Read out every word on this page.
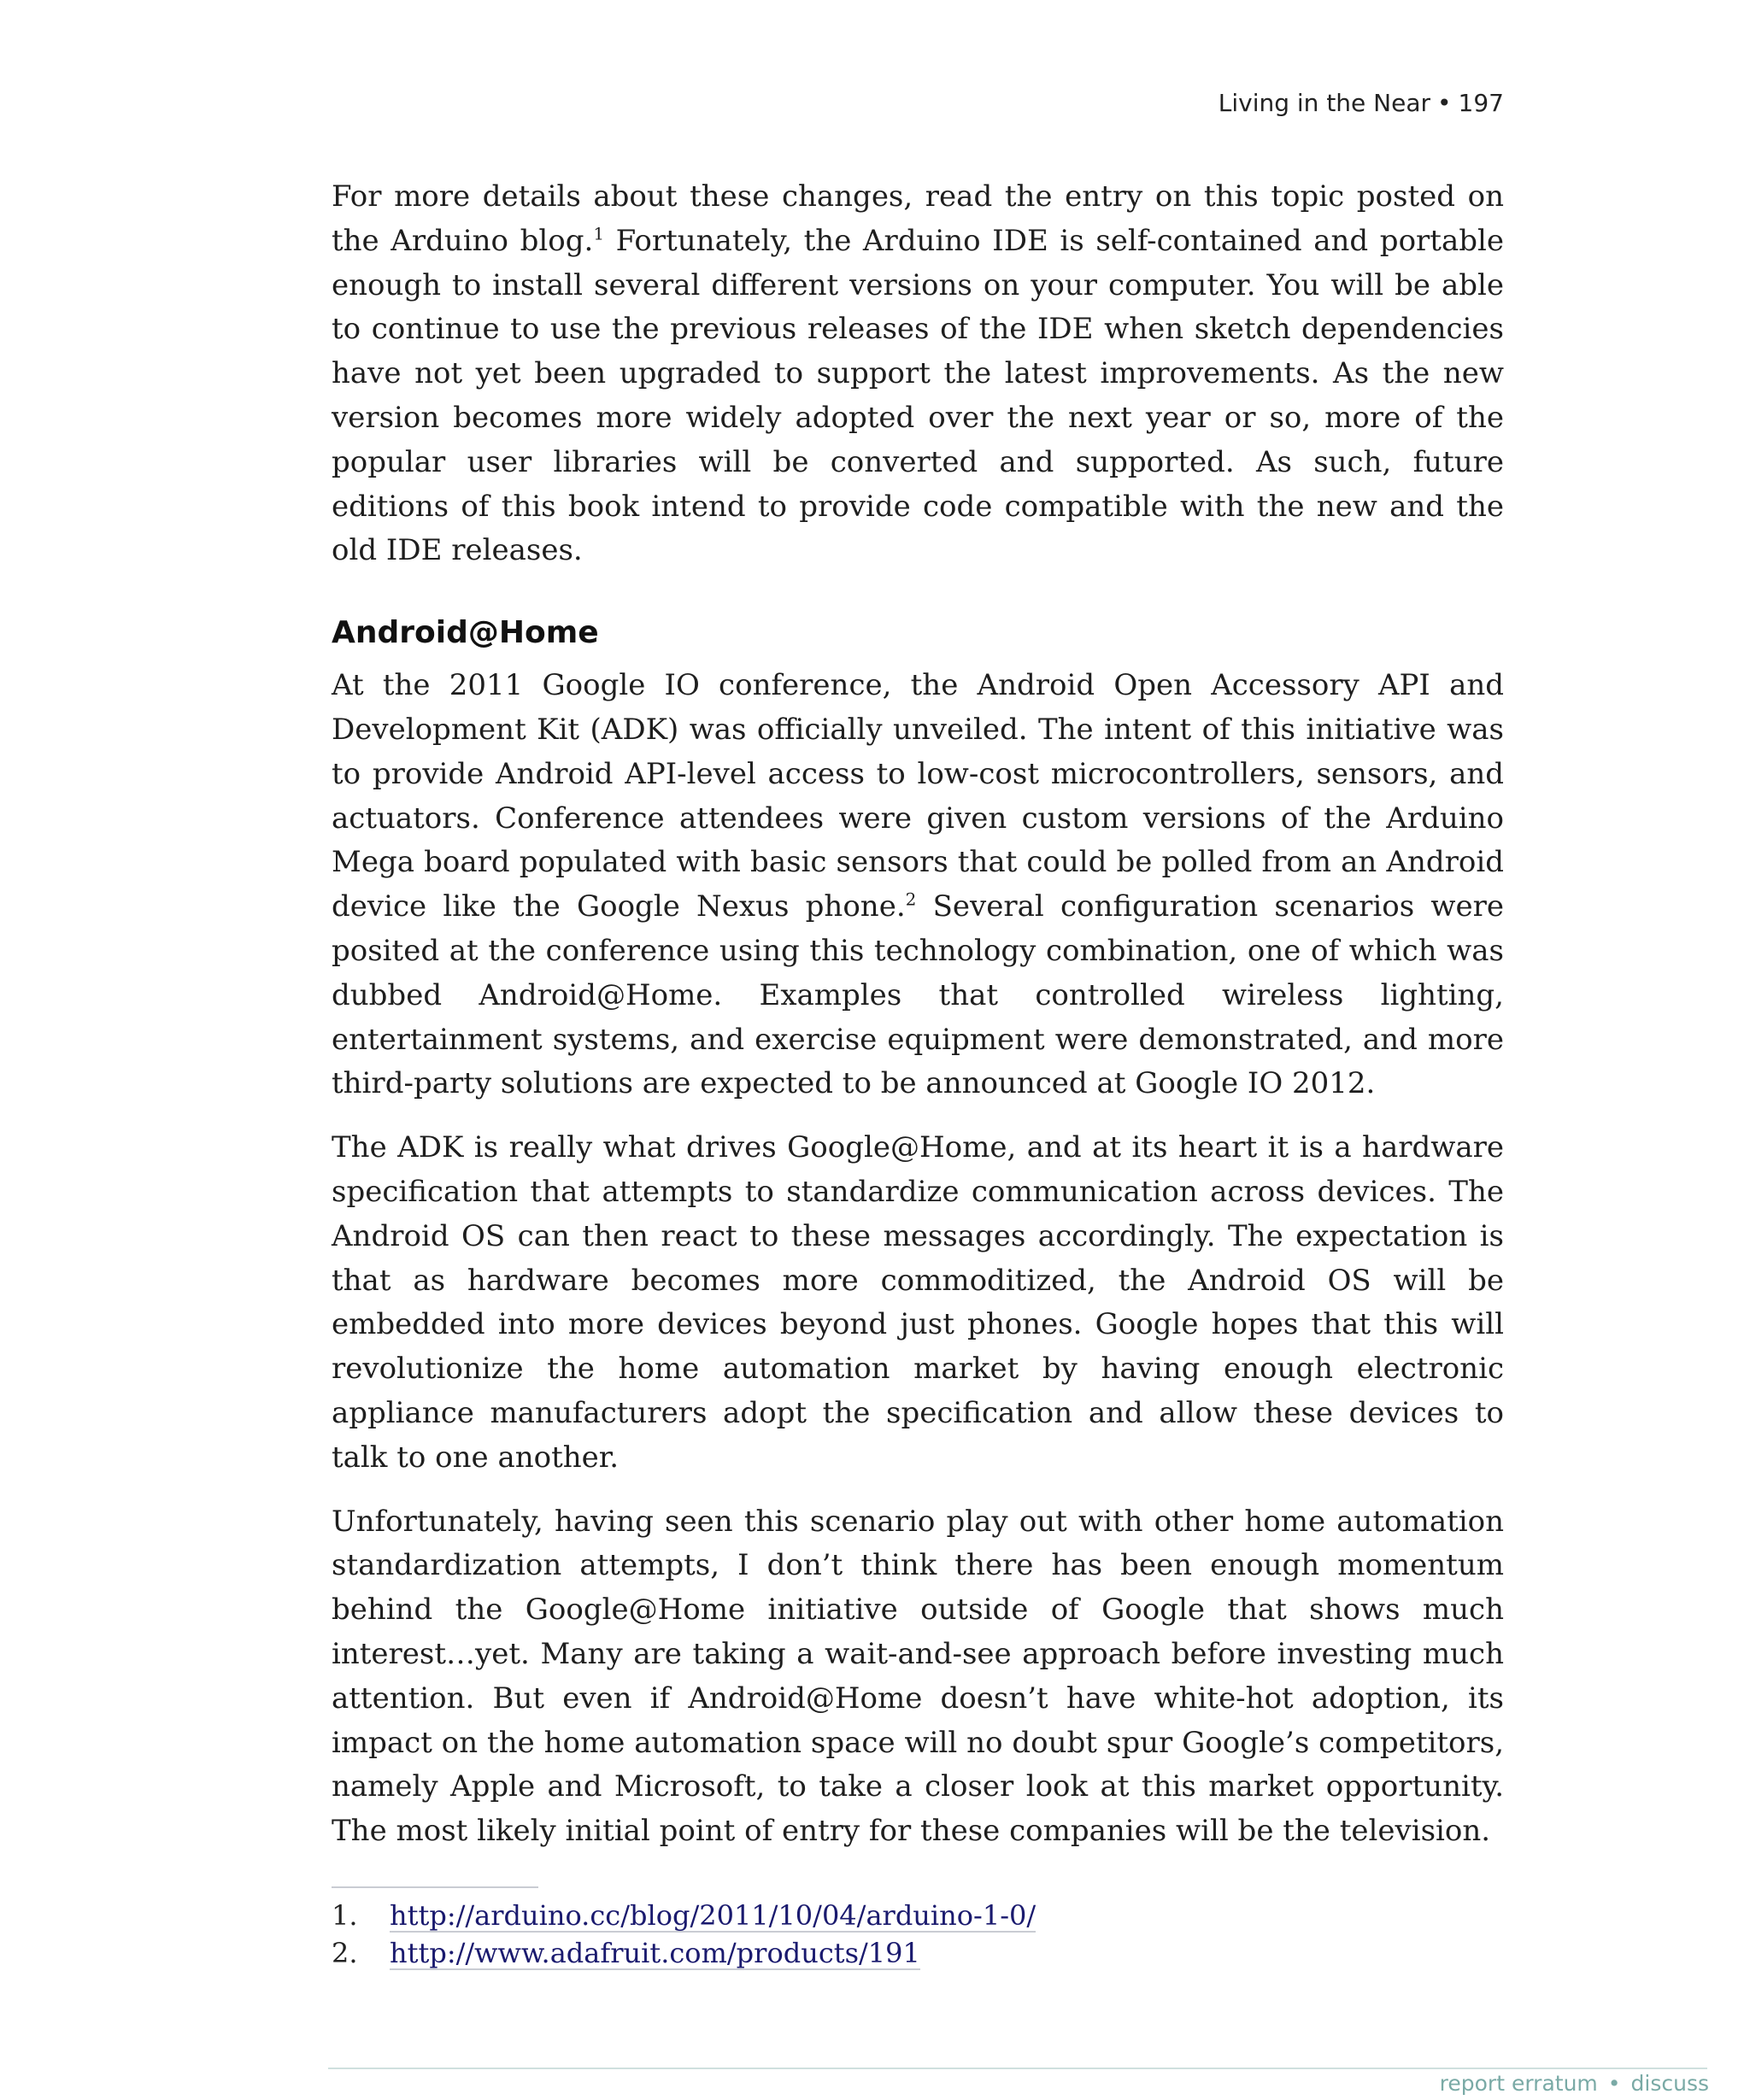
Living in the Near • 197

For more details about these changes, read the entry on this topic posted on the Arduino blog.$^1$ Fortunately, the Arduino IDE is self-contained and portable enough to install several different versions on your computer. You will be able to continue to use the previous releases of the IDE when sketch dependencies have not yet been upgraded to support the latest improvements. As the new version becomes more widely adopted over the next year or so, more of the popular user libraries will be converted and supported. As such, future editions of this book intend to provide code compatible with the new and the old IDE releases.

Android@Home

At the 2011 Google IO conference, the Android Open Accessory API and Development Kit (ADK) was officially unveiled. The intent of this initiative was to provide Android API-level access to low-cost microcontrollers, sensors, and actuators. Conference attendees were given custom versions of the Arduino Mega board populated with basic sensors that could be polled from an Android device like the Google Nexus phone.$^2$ Several configuration scenarios were posited at the conference using this technology combination, one of which was dubbed Android@Home. Examples that controlled wireless lighting, entertainment systems, and exercise equipment were demonstrated, and more third-party solutions are expected to be announced at Google IO 2012.

The ADK is really what drives Google@Home, and at its heart it is a hardware specification that attempts to standardize communication across devices. The Android OS can then react to these messages accordingly. The expectation is that as hardware becomes more commoditized, the Android OS will be embedded into more devices beyond just phones. Google hopes that this will revolutionize the home automation market by having enough electronic appliance manufacturers adopt the specification and allow these devices to talk to one another.

Unfortunately, having seen this scenario play out with other home automation standardization attempts, I don’t think there has been enough momentum behind the Google@Home initiative outside of Google that shows much interest…yet. Many are taking a wait-and-see approach before investing much attention. But even if Android@Home doesn’t have white-hot adoption, its impact on the home automation space will no doubt spur Google’s competitors, namely Apple and Microsoft, to take a closer look at this market opportunity. The most likely initial point of entry for these companies will be the television.

1.	http://arduino.cc/blog/2011/10/04/arduino-1-0/
2.	http://www.adafruit.com/products/191
report erratum • discuss
